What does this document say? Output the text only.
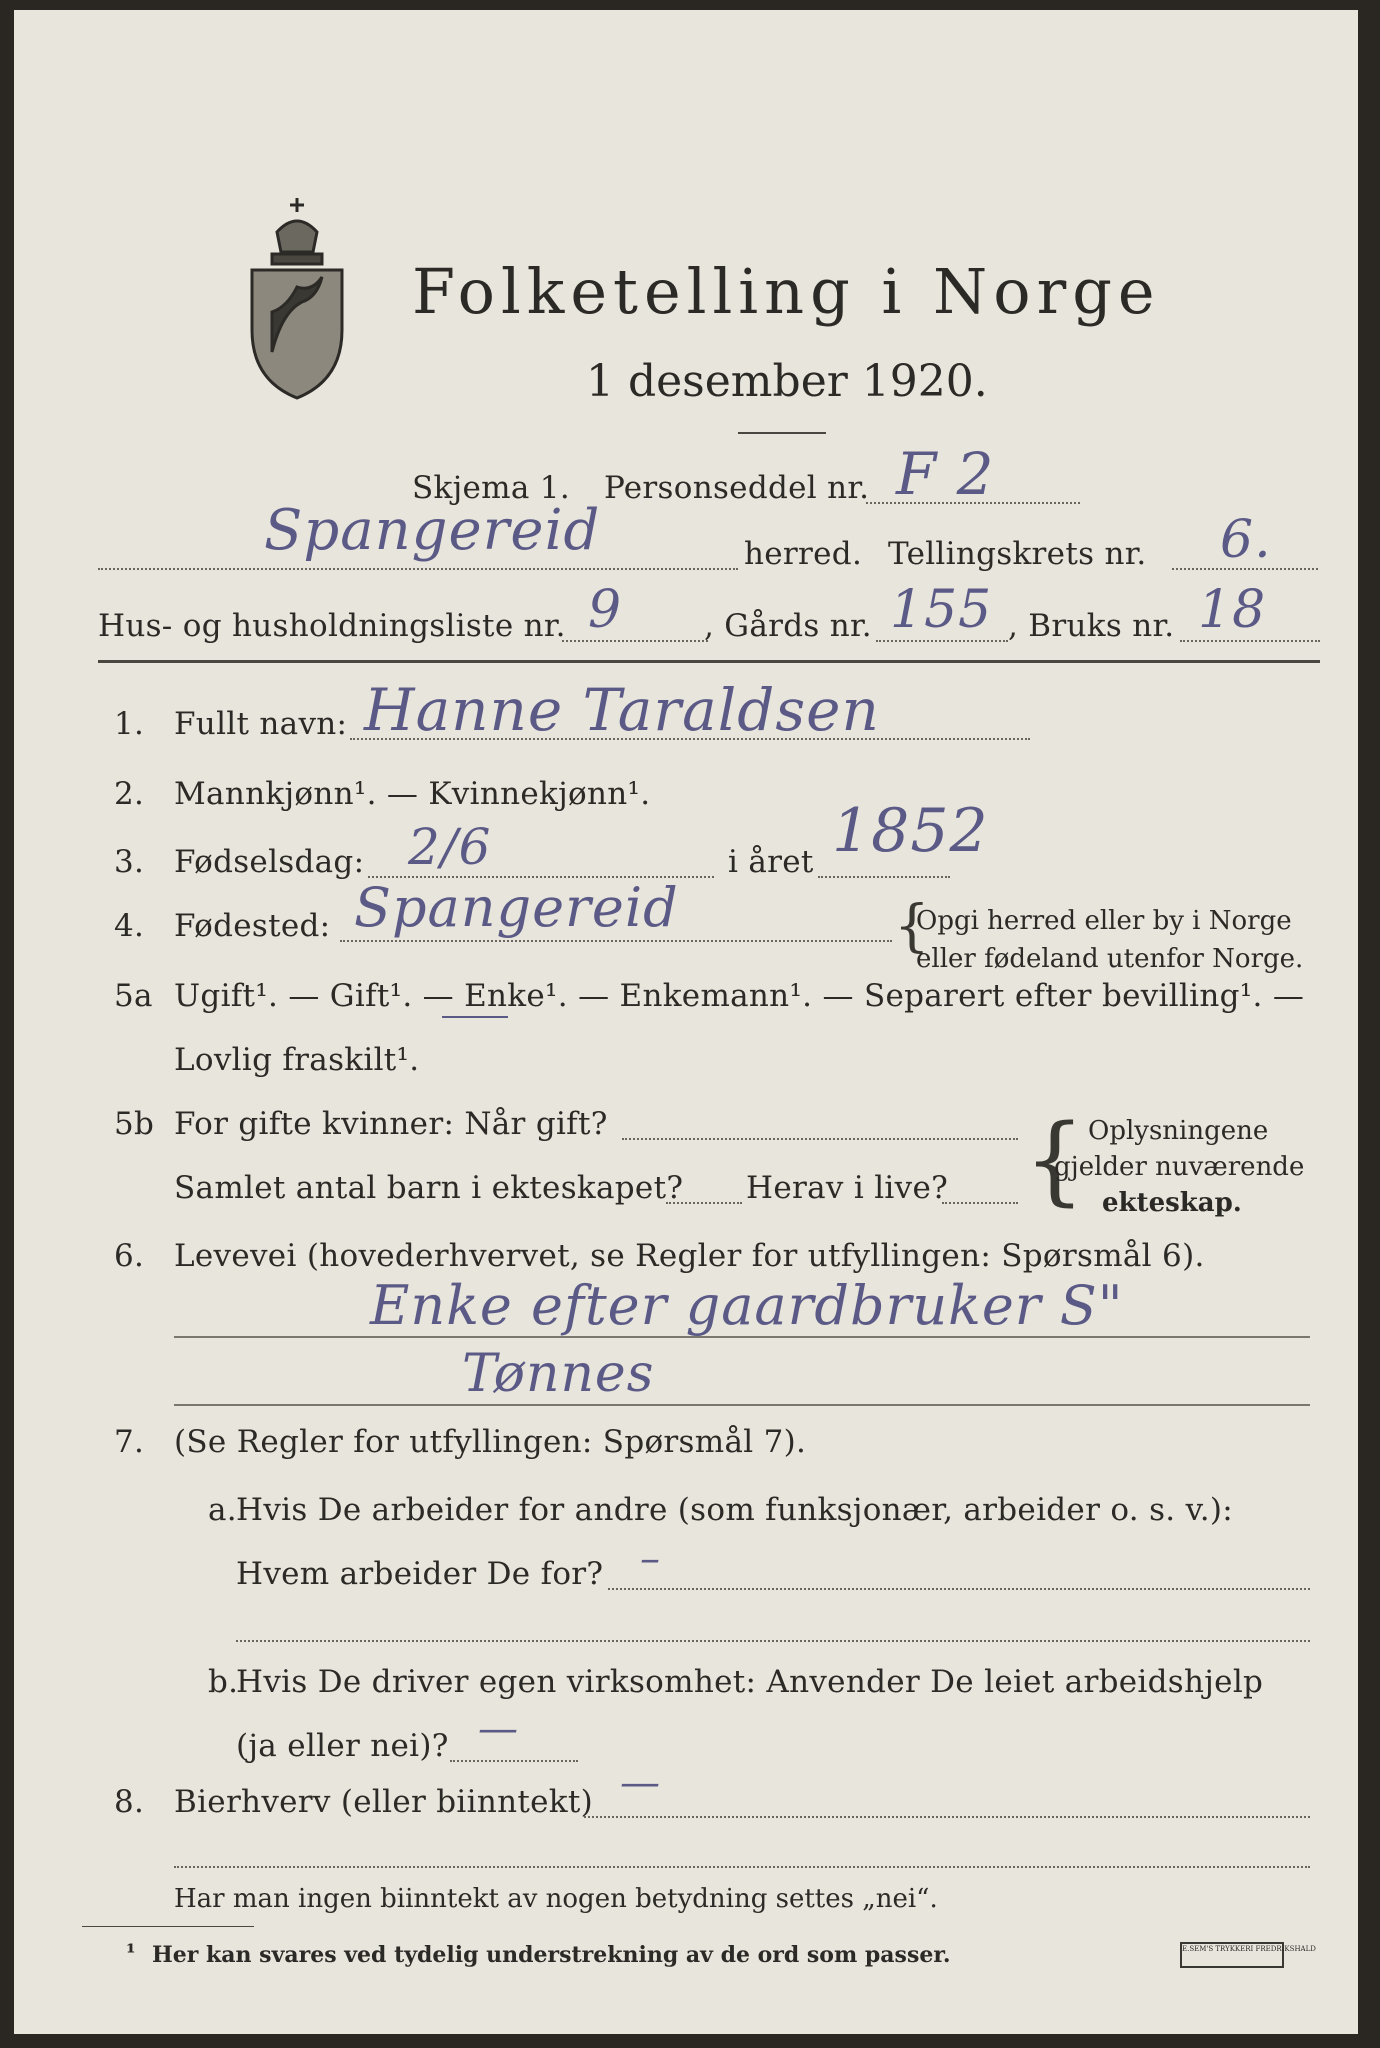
Folketelling i Norge
1 desember 1920.
Skjema 1. Personseddel nr. F 2
Spangereid	herred. Tellingskrets nr. 6.
Hus- og husholdningsliste nr. 9	, Gårds nr. 155 , Bruks nr. 18
1. Fullt navn: Hanne Taraldsen
2. Mannkjønn¹. — Kvinnekjønn¹.
3. Fødselsdag: 2/6	i året 1852
4. Fødested: Spangereid	{
Opgi herred eller by i Norge
eller fødeland utenfor Norge.
5a Ugift¹. — Gift¹. — Enke¹. — Enkemann¹. — Separert efter bevilling¹. —
Lovlig fraskilt¹.
5b For gifte kvinner: Når gift?
Samlet antal barn i ekteskapet? Herav i live? { Oplysningene
gjelder nuværende
ekteskap.
6. Levevei (hovederhvervet, se Regler for utfyllingen: Spørsmål 6).
Enke efter gaardbruker S"
Tønnes
7. (Se Regler for utfyllingen: Spørsmål 7).
a. Hvis De arbeider for andre (som funksjonær, arbeider o. s. v.):
Hvem arbeider De for? –
b.
Hvis De driver egen virksomhet: Anvender De leiet arbeidshjelp
(ja eller nei)? —
8. Bierhverv (eller biinntekt) —
Har man ingen biinntekt av nogen betydning settes „nei“.
¹ Her kan svares ved tydelig understrekning av de ord som passer.	E.SEM'S TRYKKERI FREDRIKSHALD
